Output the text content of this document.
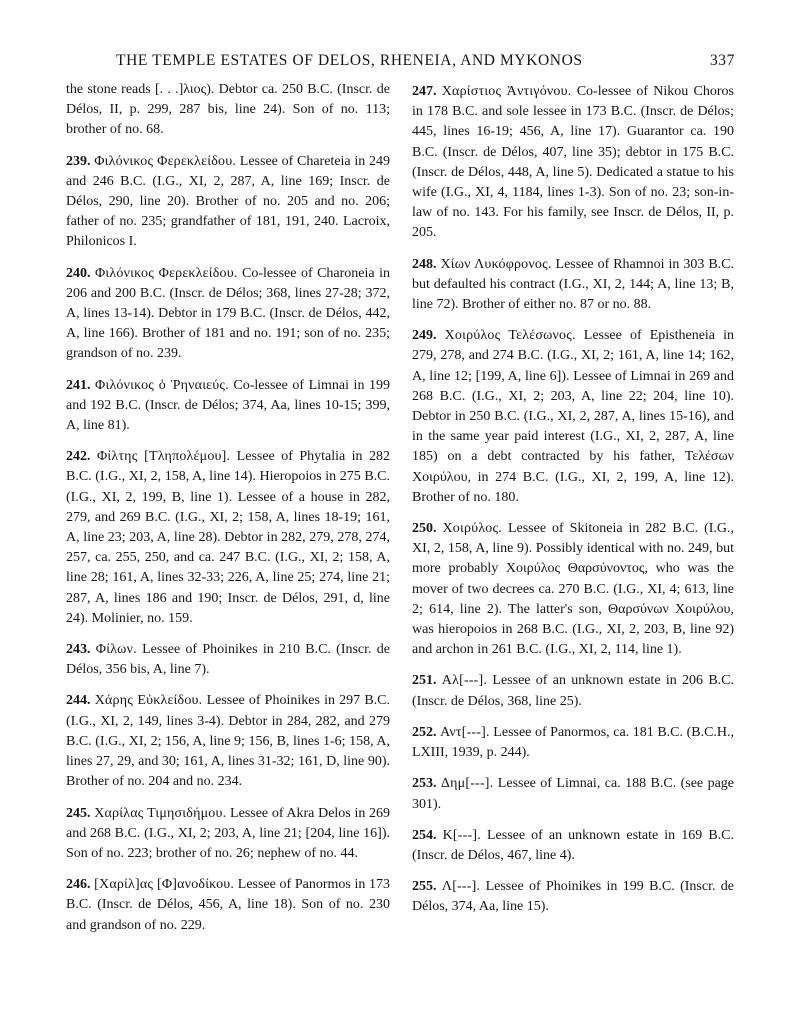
THE TEMPLE ESTATES OF DELOS, RHENEIA, AND MYKONOS	337

the stone reads [. . .]λιος). Debtor ca. 250 B.C. (Inscr. de Délos, II, p. 299, 287 bis, line 24). Son of no. 113; brother of no. 68.

239. Φιλόνικος Φερεκλείδου. Lessee of Chareteia in 249 and 246 B.C. (I.G., XI, 2, 287, A, line 169; Inscr. de Délos, 290, line 20). Brother of no. 205 and no. 206; father of no. 235; grandfather of 181, 191, 240. Lacroix, Philonicos I.

240. Φιλόνικος Φερεκλείδου. Co-lessee of Charoneia in 206 and 200 B.C. (Inscr. de Délos; 368, lines 27-28; 372, A, lines 13-14). Debtor in 179 B.C. (Inscr. de Délos, 442, A, line 166). Brother of 181 and no. 191; son of no. 235; grandson of no. 239.

241. Φιλόνικος ὁ Ῥηναιεύς. Co-lessee of Limnai in 199 and 192 B.C. (Inscr. de Délos; 374, Aa, lines 10-15; 399, A, line 81).

242. Φίλτης [Τληπολέμου]. Lessee of Phytalia in 282 B.C. (I.G., XI, 2, 158, A, line 14). Hieropoios in 275 B.C. (I.G., XI, 2, 199, B, line 1). Lessee of a house in 282, 279, and 269 B.C. (I.G., XI, 2; 158, A, lines 18-19; 161, A, line 23; 203, A, line 28). Debtor in 282, 279, 278, 274, 257, ca. 255, 250, and ca. 247 B.C. (I.G., XI, 2; 158, A, line 28; 161, A, lines 32-33; 226, A, line 25; 274, line 21; 287, A, lines 186 and 190; Inscr. de Délos, 291, d, line 24). Molinier, no. 159.

243. Φίλων. Lessee of Phoinikes in 210 B.C. (Inscr. de Délos, 356 bis, A, line 7).

244. Χάρης Εὐκλείδου. Lessee of Phoinikes in 297 B.C. (I.G., XI, 2, 149, lines 3-4). Debtor in 284, 282, and 279 B.C. (I.G., XI, 2; 156, A, line 9; 156, B, lines 1-6; 158, A, lines 27, 29, and 30; 161, A, lines 31-32; 161, D, line 90). Brother of no. 204 and no. 234.

245. Χαρίλας Τιμησιδήμου. Lessee of Akra Delos in 269 and 268 B.C. (I.G., XI, 2; 203, A, line 21; [204, line 16]). Son of no. 223; brother of no. 26; nephew of no. 44.

246. [Χαρίλ]ας [Φ]ανοδίκου. Lessee of Panormos in 173 B.C. (Inscr. de Délos, 456, A, line 18). Son of no. 230 and grandson of no. 229.

247. Χαρίστιος Ἀντιγόνου. Co-lessee of Nikou Choros in 178 B.C. and sole lessee in 173 B.C. (Inscr. de Délos; 445, lines 16-19; 456, A, line 17). Guarantor ca. 190 B.C. (Inscr. de Délos, 407, line 35); debtor in 175 B.C. (Inscr. de Délos, 448, A, line 5). Dedicated a statue to his wife (I.G., XI, 4, 1184, lines 1-3). Son of no. 23; son-in-law of no. 143. For his family, see Inscr. de Délos, II, p. 205.

248. Χίων Λυκόφρονος. Lessee of Rhamnoi in 303 B.C. but defaulted his contract (I.G., XI, 2, 144; A, line 13; B, line 72). Brother of either no. 87 or no. 88.

249. Χοιρύλος Τελέσωνος. Lessee of Epistheneia in 279, 278, and 274 B.C. (I.G., XI, 2; 161, A, line 14; 162, A, line 12; [199, A, line 6]). Lessee of Limnai in 269 and 268 B.C. (I.G., XI, 2; 203, A, line 22; 204, line 10). Debtor in 250 B.C. (I.G., XI, 2, 287, A, lines 15-16), and in the same year paid interest (I.G., XI, 2, 287, A, line 185) on a debt contracted by his father, Τελέσων Χοιρύλου, in 274 B.C. (I.G., XI, 2, 199, A, line 12). Brother of no. 180.

250. Χοιρύλος. Lessee of Skitoneia in 282 B.C. (I.G., XI, 2, 158, A, line 9). Possibly identical with no. 249, but more probably Χοιρύλος Θαρσύνοντος, who was the mover of two decrees ca. 270 B.C. (I.G., XI, 4; 613, line 2; 614, line 2). The latter's son, Θαρσύνων Χοιρύλου, was hieropoios in 268 B.C. (I.G., XI, 2, 203, B, line 92) and archon in 261 B.C. (I.G., XI, 2, 114, line 1).

251. Αλ[---]. Lessee of an unknown estate in 206 B.C. (Inscr. de Délos, 368, line 25).

252. Αντ[---]. Lessee of Panormos, ca. 181 B.C. (B.C.H., LXIII, 1939, p. 244).

253. Δημ[---]. Lessee of Limnai, ca. 188 B.C. (see page 301).

254. Κ[---]. Lessee of an unknown estate in 169 B.C. (Inscr. de Délos, 467, line 4).

255. Λ[---]. Lessee of Phoinikes in 199 B.C. (Inscr. de Délos, 374, Aa, line 15).
